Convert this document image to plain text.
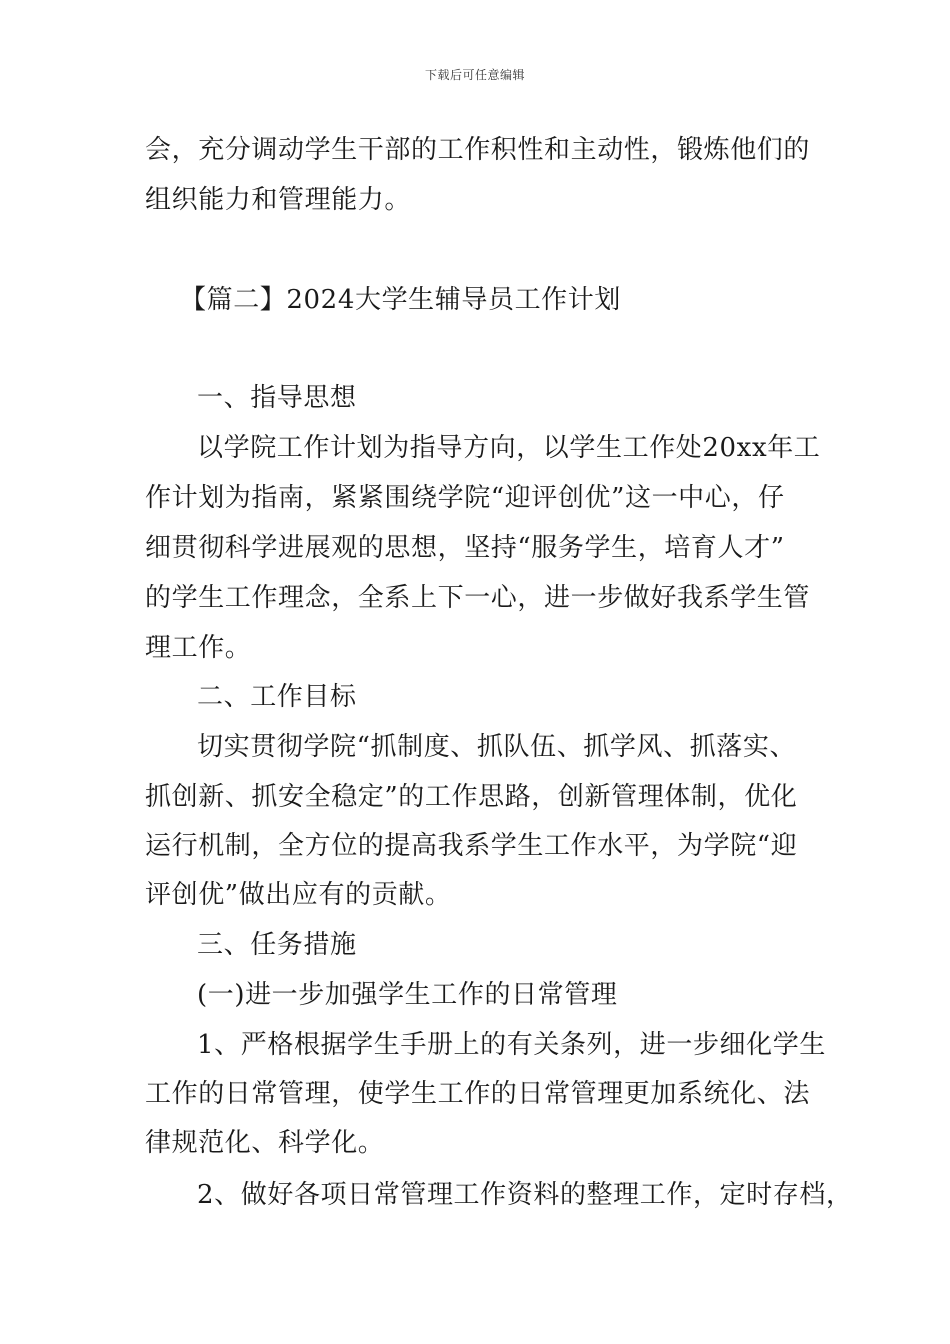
下载后可任意编辑
会，充分调动学生干部的工作积性和主动性，锻炼他们的
组织能力和管理能力。
【篇二】2024大学生辅导员工作计划
一、指导思想
以学院工作计划为指导方向，以学生工作处20xx年工
作计划为指南，紧紧围绕学院“迎评创优”这一中心，仔
细贯彻科学进展观的思想，坚持“服务学生，培育人才”
的学生工作理念，全系上下一心，进一步做好我系学生管
理工作。
二、工作目标
切实贯彻学院“抓制度、抓队伍、抓学风、抓落实、
抓创新、抓安全稳定”的工作思路，创新管理体制，优化
运行机制，全方位的提高我系学生工作水平，为学院“迎
评创优”做出应有的贡献。
三、任务措施
(一)进一步加强学生工作的日常管理
1、严格根据学生手册上的有关条列，进一步细化学生
工作的日常管理，使学生工作的日常管理更加系统化、法
律规范化、科学化。
2、做好各项日常管理工作资料的整理工作，定时存档，
